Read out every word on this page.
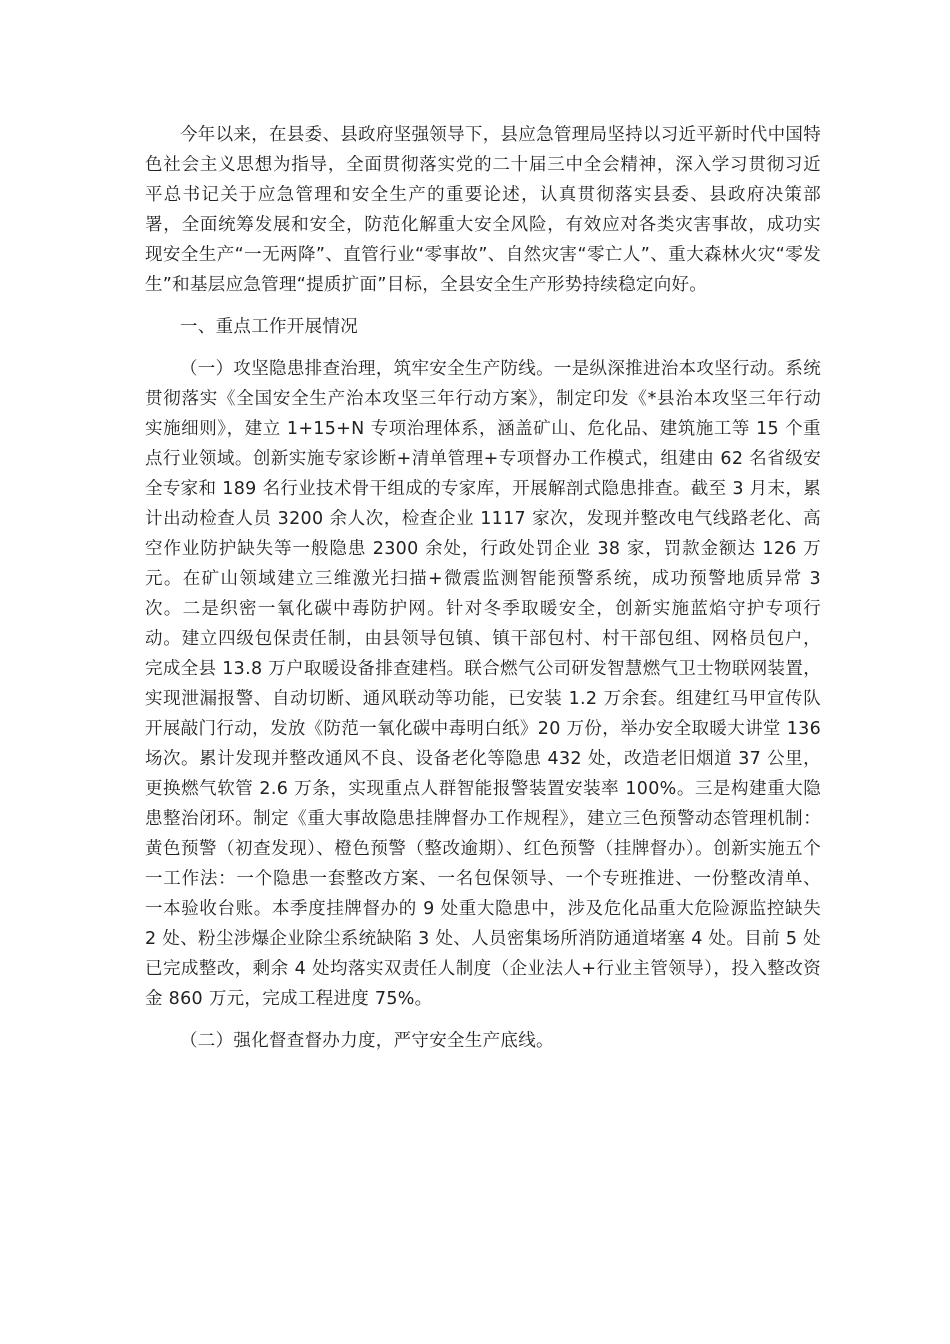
今年以来，在县委、县政府坚强领导下，县应急管理局坚持以习近平新时代中国特色社会主义思想为指导，全面贯彻落实党的二十届三中全会精神，深入学习贯彻习近平总书记关于应急管理和安全生产的重要论述，认真贯彻落实县委、县政府决策部署，全面统筹发展和安全，防范化解重大安全风险，有效应对各类灾害事故，成功实现安全生产“一无两降”、直管行业“零事故”、自然灾害“零亡人”、重大森林火灾“零发生”和基层应急管理“提质扩面”目标，全县安全生产形势持续稳定向好。

一、重点工作开展情况

（一）攻坚隐患排查治理，筑牢安全生产防线。一是纵深推进治本攻坚行动。系统贯彻落实《全国安全生产治本攻坚三年行动方案》，制定印发《*县治本攻坚三年行动实施细则》，建立 1+15+N 专项治理体系，涵盖矿山、危化品、建筑施工等 15 个重点行业领域。创新实施专家诊断+清单管理+专项督办工作模式，组建由 62 名省级安全专家和 189 名行业技术骨干组成的专家库，开展解剖式隐患排查。截至 3 月末，累计出动检查人员 3200 余人次，检查企业 1117 家次，发现并整改电气线路老化、高空作业防护缺失等一般隐患 2300 余处，行政处罚企业 38 家，罚款金额达 126 万元。在矿山领域建立三维激光扫描+微震监测智能预警系统，成功预警地质异常 3 次。二是织密一氧化碳中毒防护网。针对冬季取暖安全，创新实施蓝焰守护专项行动。建立四级包保责任制，由县领导包镇、镇干部包村、村干部包组、网格员包户，完成全县 13.8 万户取暖设备排查建档。联合燃气公司研发智慧燃气卫士物联网装置，实现泄漏报警、自动切断、通风联动等功能，已安装 1.2 万余套。组建红马甲宣传队开展敲门行动，发放《防范一氧化碳中毒明白纸》20 万份，举办安全取暖大讲堂 136 场次。累计发现并整改通风不良、设备老化等隐患 432 处，改造老旧烟道 37 公里，更换燃气软管 2.6 万条，实现重点人群智能报警装置安装率 100%。三是构建重大隐患整治闭环。制定《重大事故隐患挂牌督办工作规程》，建立三色预警动态管理机制：黄色预警（初查发现）、橙色预警（整改逾期）、红色预警（挂牌督办）。创新实施五个一工作法：一个隐患一套整改方案、一名包保领导、一个专班推进、一份整改清单、一本验收台账。本季度挂牌督办的 9 处重大隐患中，涉及危化品重大危险源监控缺失 2 处、粉尘涉爆企业除尘系统缺陷 3 处、人员密集场所消防通道堵塞 4 处。目前 5 处已完成整改，剩余 4 处均落实双责任人制度（企业法人+行业主管领导），投入整改资金 860 万元，完成工程进度 75%。

（二）强化督查督办力度，严守安全生产底线。
